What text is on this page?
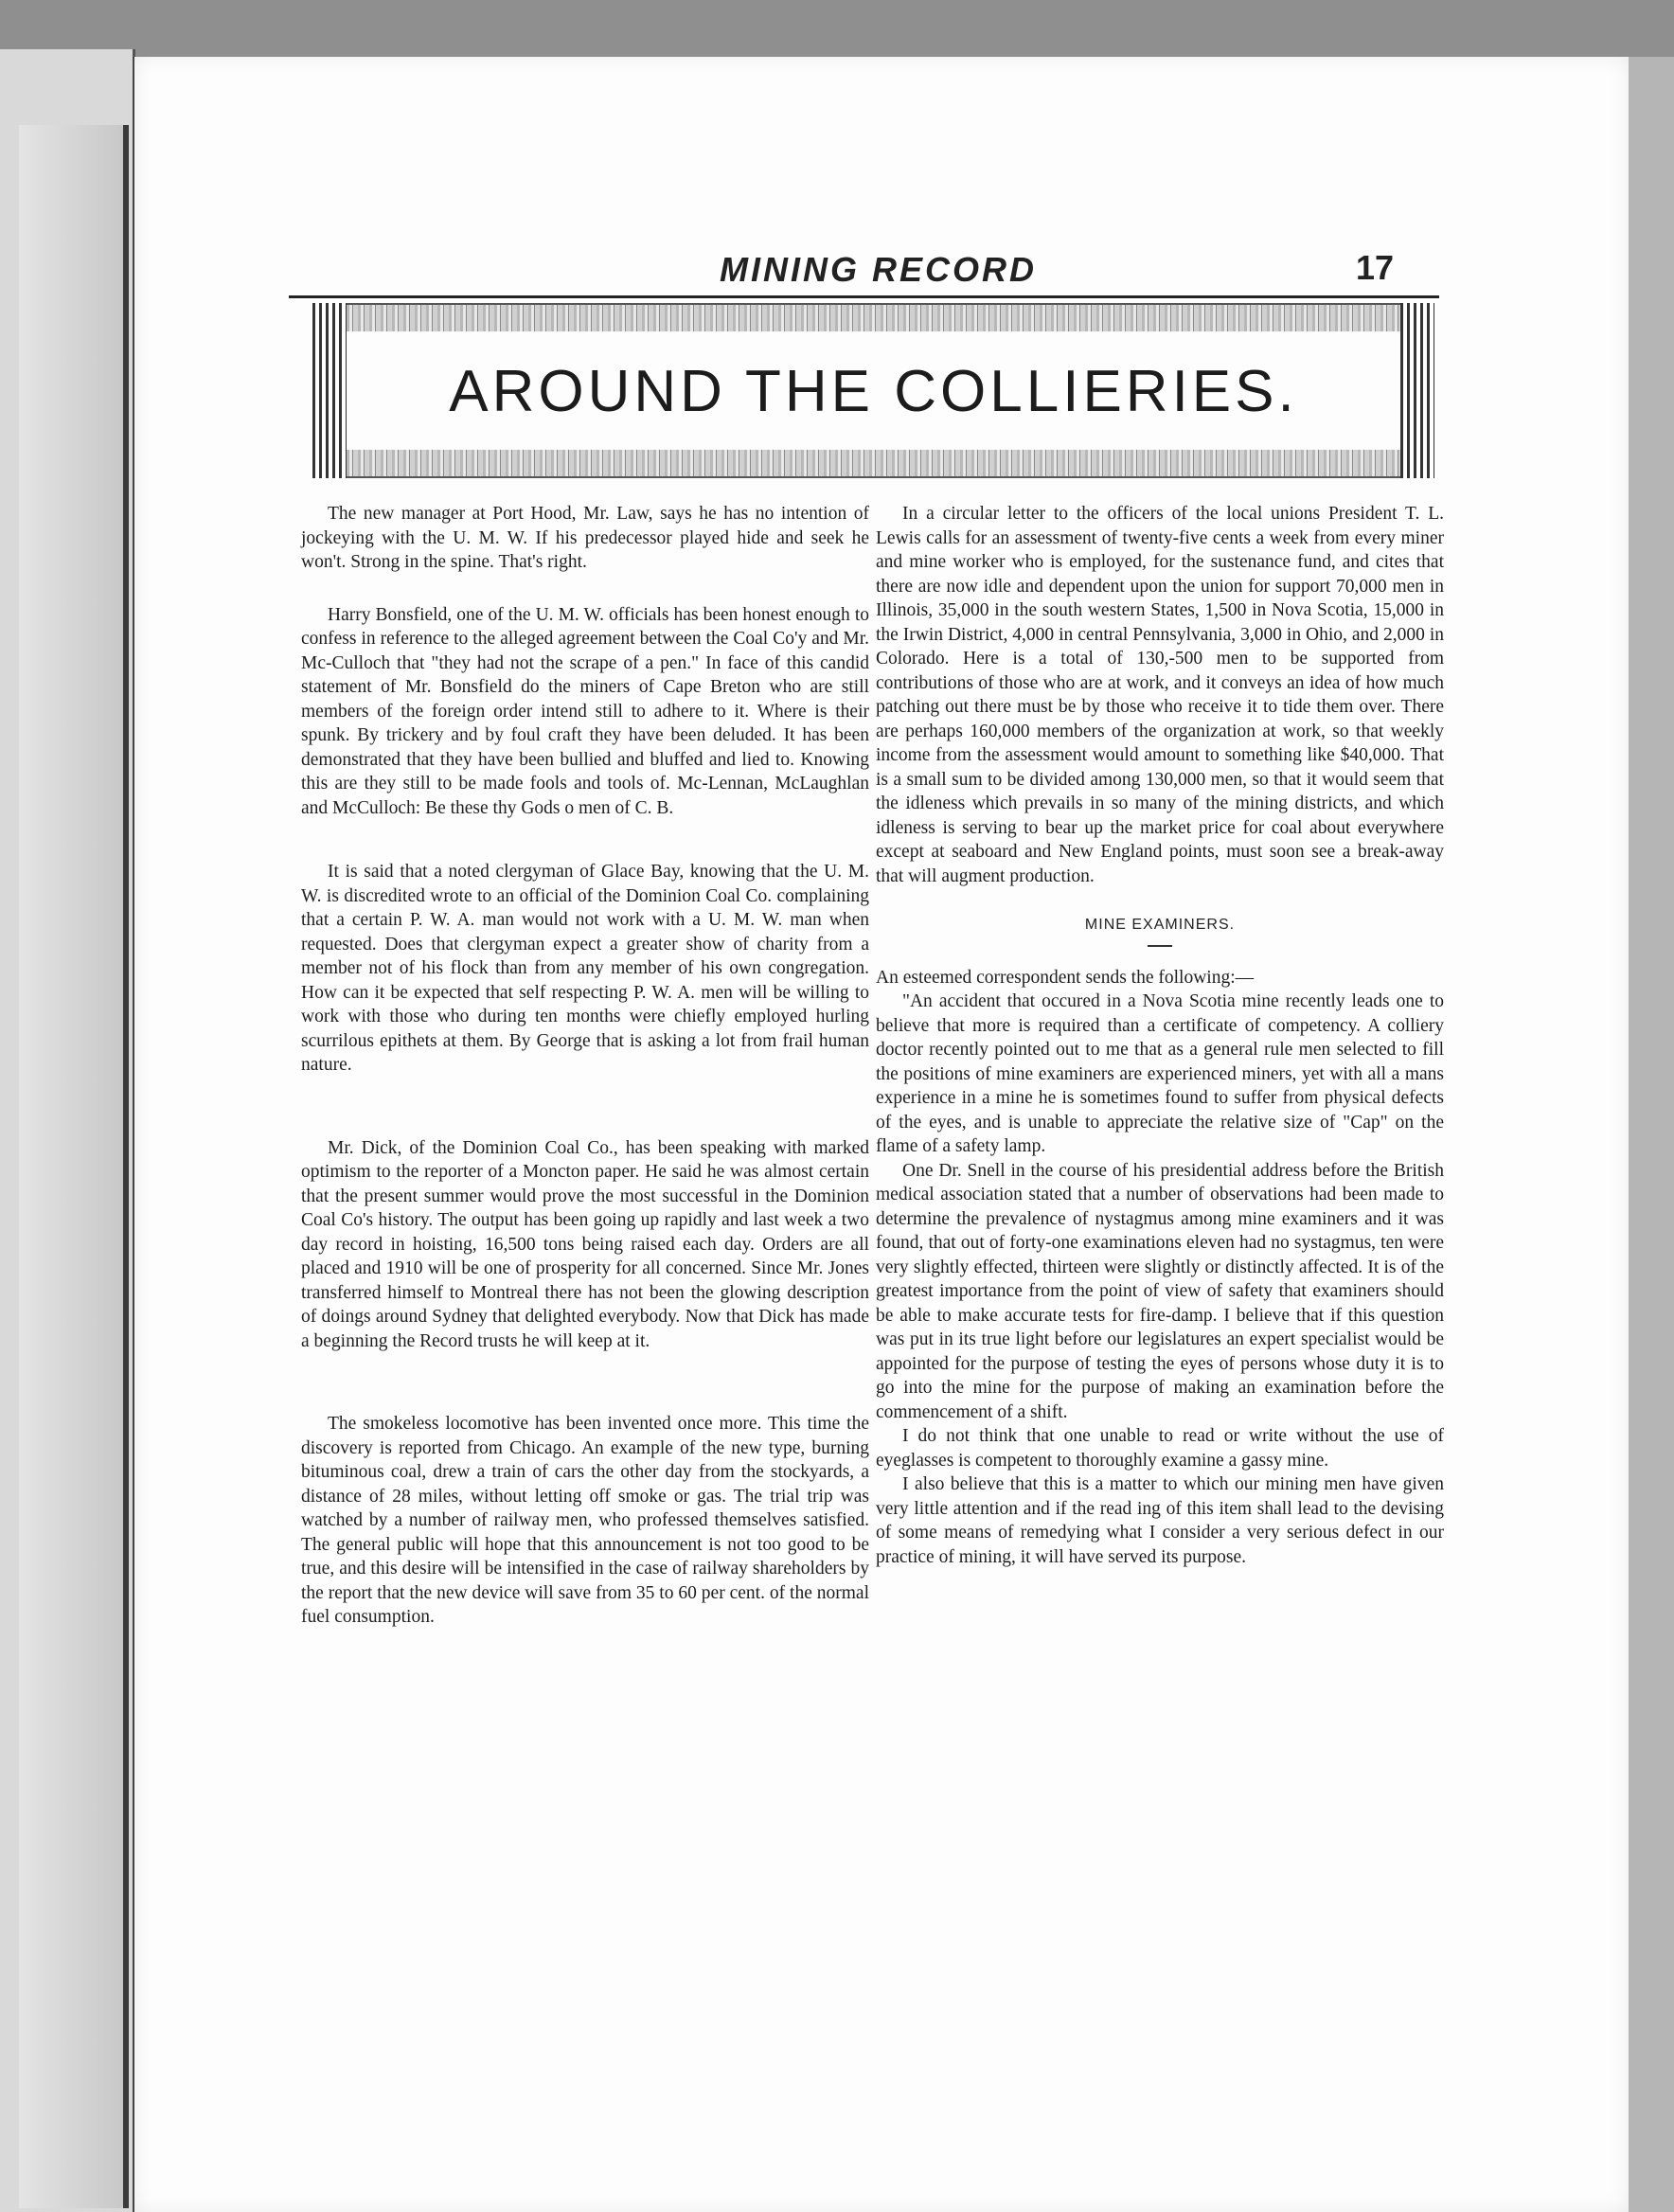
MINING RECORD	17
AROUND THE COLLIERIES.

The new manager at Port Hood, Mr. Law, says he has no intention of jockeying with the U. M. W. If his predecessor played hide and seek he won't. Strong in the spine. That's right.

Harry Bonsfield, one of the U. M. W. officials has been honest enough to confess in reference to the alleged agreement between the Coal Co'y and Mr. Mc-Culloch that "they had not the scrape of a pen." In face of this candid statement of Mr. Bonsfield do the miners of Cape Breton who are still members of the foreign order intend still to adhere to it. Where is their spunk. By trickery and by foul craft they have been deluded. It has been demonstrated that they have been bullied and bluffed and lied to. Knowing this are they still to be made fools and tools of. Mc-Lennan, McLaughlan and McCulloch: Be these thy Gods o men of C. B.

It is said that a noted clergyman of Glace Bay, knowing that the U. M. W. is discredited wrote to an official of the Dominion Coal Co. complaining that a certain P. W. A. man would not work with a U. M. W. man when requested. Does that clergyman expect a greater show of charity from a member not of his flock than from any member of his own congregation. How can it be expected that self respecting P. W. A. men will be willing to work with those who during ten months were chiefly employed hurling scurrilous epithets at them. By George that is asking a lot from frail human nature.

Mr. Dick, of the Dominion Coal Co., has been speaking with marked optimism to the reporter of a Moncton paper. He said he was almost certain that the present summer would prove the most successful in the Dominion Coal Co's history. The output has been going up rapidly and last week a two day record in hoisting, 16,500 tons being raised each day. Orders are all placed and 1910 will be one of prosperity for all concerned. Since Mr. Jones transferred himself to Montreal there has not been the glowing description of doings around Sydney that delighted everybody. Now that Dick has made a beginning the Record trusts he will keep at it.

The smokeless locomotive has been invented once more. This time the discovery is reported from Chicago. An example of the new type, burning bituminous coal, drew a train of cars the other day from the stockyards, a distance of 28 miles, without letting off smoke or gas. The trial trip was watched by a number of railway men, who professed themselves satisfied. The general public will hope that this announcement is not too good to be true, and this desire will be intensified in the case of railway shareholders by the report that the new device will save from 35 to 60 per cent. of the normal fuel consumption.

In a circular letter to the officers of the local unions President T. L. Lewis calls for an assessment of twenty-five cents a week from every miner and mine worker who is employed, for the sustenance fund, and cites that there are now idle and dependent upon the union for support 70,000 men in Illinois, 35,000 in the south western States, 1,500 in Nova Scotia, 15,000 in the Irwin District, 4,000 in central Pennsylvania, 3,000 in Ohio, and 2,000 in Colorado. Here is a total of 130,-500 men to be supported from contributions of those who are at work, and it conveys an idea of how much patching out there must be by those who receive it to tide them over. There are perhaps 160,000 members of the organization at work, so that weekly income from the assessment would amount to something like $40,000. That is a small sum to be divided among 130,000 men, so that it would seem that the idleness which prevails in so many of the mining districts, and which idleness is serving to bear up the market price for coal about everywhere except at seaboard and New England points, must soon see a break-away that will augment production.

MINE EXAMINERS.

An esteemed correspondent sends the following:—

"An accident that occured in a Nova Scotia mine recently leads one to believe that more is required than a certificate of competency. A colliery doctor recently pointed out to me that as a general rule men selected to fill the positions of mine examiners are experienced miners, yet with all a mans experience in a mine he is sometimes found to suffer from physical defects of the eyes, and is unable to appreciate the relative size of "Cap" on the flame of a safety lamp.

One Dr. Snell in the course of his presidential address before the British medical association stated that a number of observations had been made to determine the prevalence of nystagmus among mine examiners and it was found, that out of forty-one examinations eleven had no systagmus, ten were very slightly effected, thirteen were slightly or distinctly affected. It is of the greatest importance from the point of view of safety that examiners should be able to make accurate tests for fire-damp. I believe that if this question was put in its true light before our legislatures an expert specialist would be appointed for the purpose of testing the eyes of persons whose duty it is to go into the mine for the purpose of making an examination before the commencement of a shift.

I do not think that one unable to read or write without the use of eyeglasses is competent to thoroughly examine a gassy mine.

I also believe that this is a matter to which our mining men have given very little attention and if the read ing of this item shall lead to the devising of some means of remedying what I consider a very serious defect in our practice of mining, it will have served its purpose.
